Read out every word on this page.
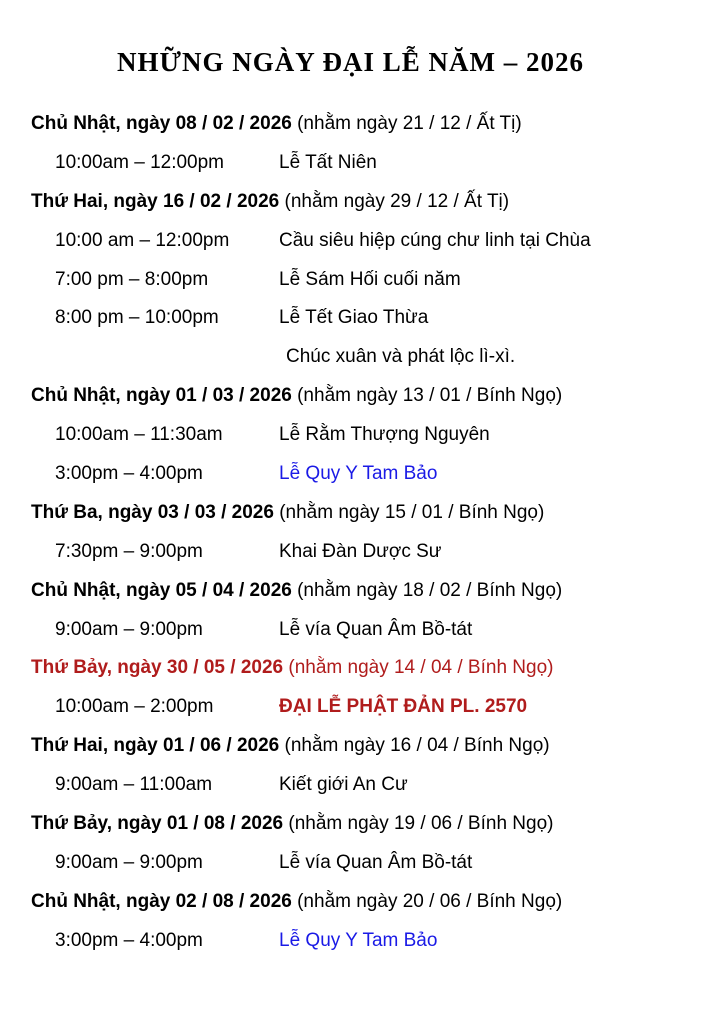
NHỮNG NGÀY ĐẠI LỄ NĂM – 2026
Chủ Nhật, ngày 08 / 02 / 2026 (nhằm ngày 21 / 12 / Ất Tị)
10:00am – 12:00pm	Lễ Tất Niên
Thứ Hai, ngày 16 / 02 / 2026 (nhằm ngày 29 / 12 / Ất Tị)
10:00 am – 12:00pm	Cầu siêu hiệp cúng chư linh tại Chùa
7:00 pm – 8:00pm	Lễ Sám Hối cuối năm
8:00 pm – 10:00pm	Lễ Tết Giao Thừa
Chúc xuân và phát lộc lì-xì.
Chủ Nhật, ngày 01 / 03 / 2026 (nhằm ngày 13 / 01 / Bính Ngọ)
10:00am – 11:30am	Lễ Rằm Thượng Nguyên
3:00pm – 4:00pm	Lễ Quy Y Tam Bảo
Thứ Ba, ngày 03 / 03 / 2026 (nhằm ngày 15 / 01 / Bính Ngọ)
7:30pm – 9:00pm	Khai Đàn Dược Sư
Chủ Nhật, ngày 05 / 04 / 2026 (nhằm ngày 18 / 02 / Bính Ngọ)
9:00am – 9:00pm	Lễ vía Quan Âm Bồ-tát
Thứ Bảy, ngày 30 / 05 / 2026 (nhằm ngày 14 / 04 / Bính Ngọ)
10:00am – 2:00pm	ĐẠI LỄ PHẬT ĐẢN PL. 2570
Thứ Hai, ngày 01 / 06 / 2026 (nhằm ngày 16 / 04 / Bính Ngọ)
9:00am – 11:00am	Kiết giới An Cư
Thứ Bảy, ngày 01 / 08 / 2026 (nhằm ngày 19 / 06 / Bính Ngọ)
9:00am – 9:00pm	Lễ vía Quan Âm Bồ-tát
Chủ Nhật, ngày 02 / 08 / 2026 (nhằm ngày 20 / 06 / Bính Ngọ)
3:00pm – 4:00pm	Lễ Quy Y Tam Bảo
